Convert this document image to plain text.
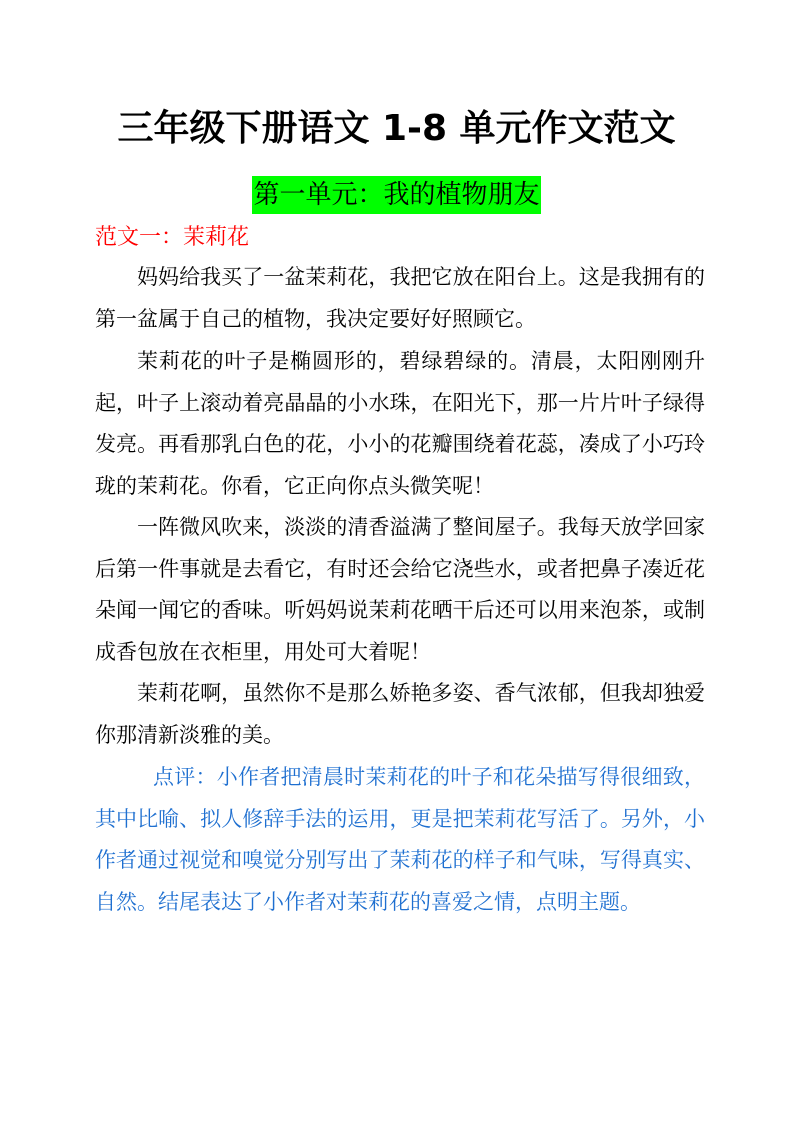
三年级下册语文 1-8 单元作文范文
第一单元：我的植物朋友
范文一：茉莉花

妈妈给我买了一盆茉莉花，我把它放在阳台上。这是我拥有的第一盆属于自己的植物，我决定要好好照顾它。

茉莉花的叶子是椭圆形的，碧绿碧绿的。清晨，太阳刚刚升起，叶子上滚动着亮晶晶的小水珠，在阳光下，那一片片叶子绿得发亮。再看那乳白色的花，小小的花瓣围绕着花蕊，凑成了小巧玲珑的茉莉花。你看，它正向你点头微笑呢！

一阵微风吹来，淡淡的清香溢满了整间屋子。我每天放学回家后第一件事就是去看它，有时还会给它浇些水，或者把鼻子凑近花朵闻一闻它的香味。听妈妈说茉莉花晒干后还可以用来泡茶，或制成香包放在衣柜里，用处可大着呢！

茉莉花啊，虽然你不是那么娇艳多姿、香气浓郁，但我却独爱你那清新淡雅的美。

点评：小作者把清晨时茉莉花的叶子和花朵描写得很细致，其中比喻、拟人修辞手法的运用，更是把茉莉花写活了。另外，小作者通过视觉和嗅觉分别写出了茉莉花的样子和气味，写得真实、自然。结尾表达了小作者对茉莉花的喜爱之情，点明主题。
